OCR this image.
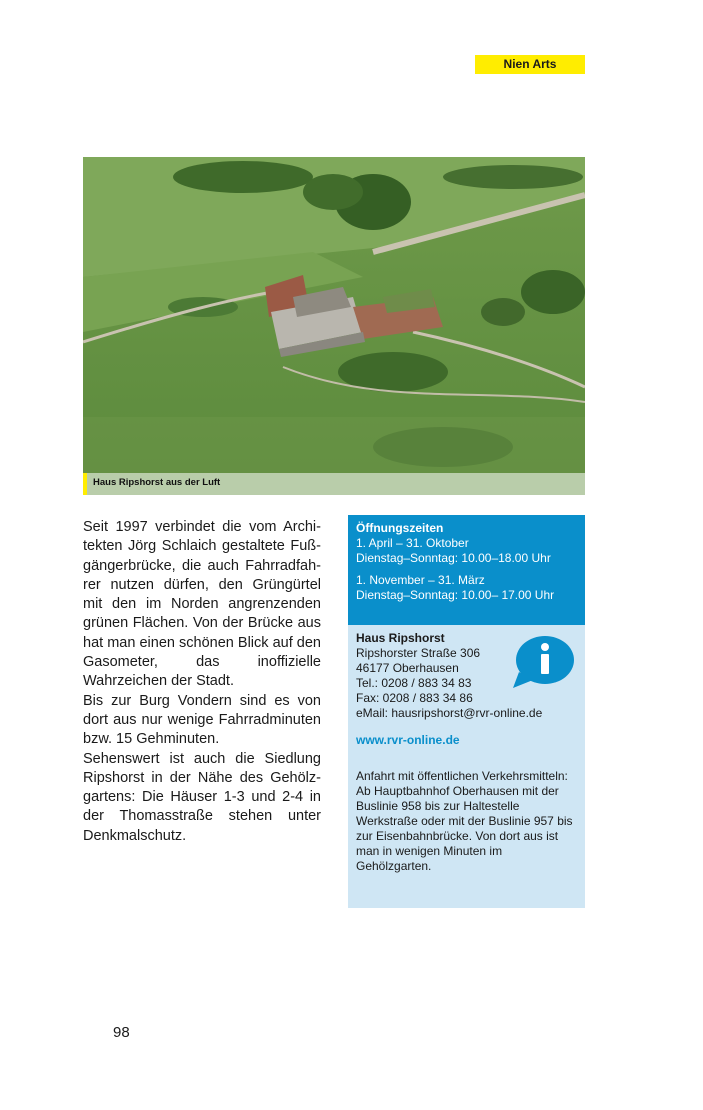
Nien Arts
Haus Ripshorst aus der Luft

Seit 1997 verbindet die vom Architekten Jörg Schlaich gestaltete Fußgängerbrücke, die auch Fahrradfahrer nutzen dürfen, den Grüngürtel mit den im Norden angrenzenden grünen Flächen. Von der Brücke aus hat man einen schönen Blick auf den Gasometer, das inoffizielle Wahrzeichen der Stadt.

Bis zur Burg Vondern sind es von dort aus nur wenige Fahrradminuten bzw. 15 Gehminuten.

Sehenswert ist auch die Siedlung Ripshorst in der Nähe des Gehölzgartens: Die Häuser 1-3 und 2-4 in der Thomasstraße stehen unter Denkmalschutz.

Öffnungszeiten
1. April – 31. Oktober
Dienstag–Sonntag: 10.00–18.00 Uhr
1. November – 31. März
Dienstag–Sonntag: 10.00– 17.00 Uhr
Haus Ripshorst
Ripshorster Straße 306
46177 Oberhausen
Tel.: 0208 / 883 34 83
Fax: 0208 / 883 34 86
eMail: hausripshorst@rvr-online.de
www.rvr-online.de
Anfahrt mit öffentlichen Verkehrsmitteln: Ab Hauptbahnhof Oberhausen mit der Buslinie 958 bis zur Haltestelle Werkstraße oder mit der Buslinie 957 bis zur Eisenbahnbrücke. Von dort aus ist man in wenigen Minuten im Gehölzgarten.
98
